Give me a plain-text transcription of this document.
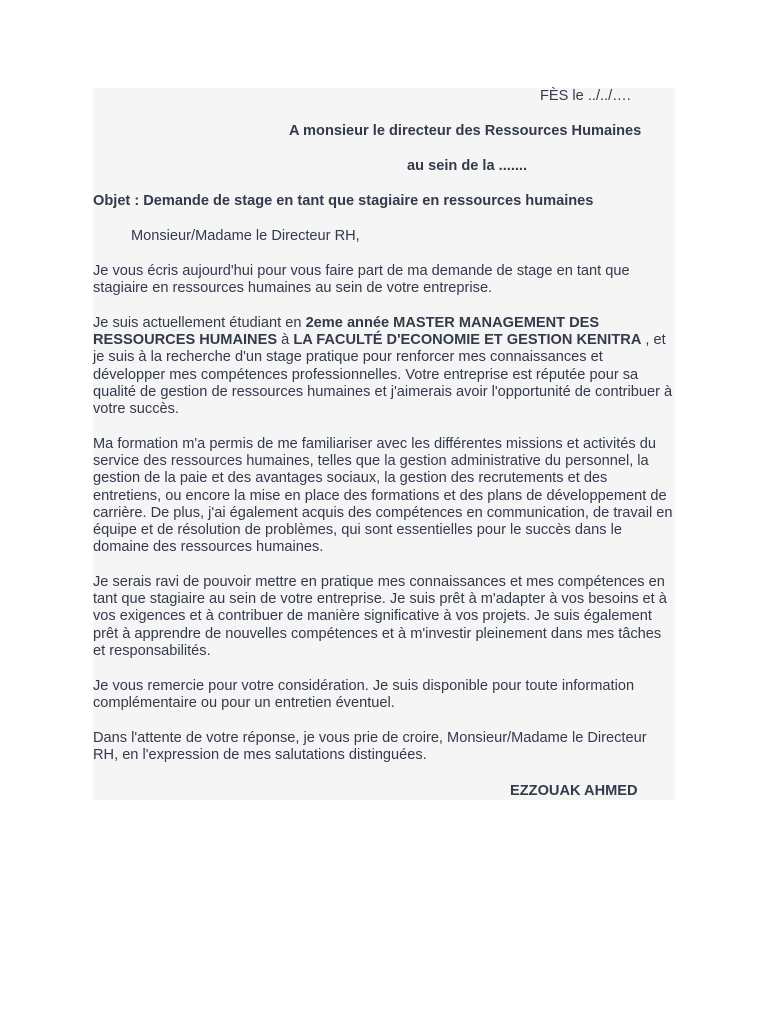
FÈS le ../../….
A monsieur le directeur des Ressources Humaines
au sein de la .......
Objet : Demande de stage en tant que stagiaire en ressources humaines
Monsieur/Madame le Directeur RH,
Je vous écris aujourd'hui pour vous faire part de ma demande de stage en tant que stagiaire en ressources humaines au sein de votre entreprise.
Je suis actuellement étudiant en 2eme année MASTER MANAGEMENT DES RESSOURCES HUMAINES à LA FACULTÉ D'ECONOMIE ET GESTION KENITRA , et je suis à la recherche d'un stage pratique pour renforcer mes connaissances et développer mes compétences professionnelles. Votre entreprise est réputée pour sa qualité de gestion de ressources humaines et j'aimerais avoir l'opportunité de contribuer à votre succès.
Ma formation m'a permis de me familiariser avec les différentes missions et activités du service des ressources humaines, telles que la gestion administrative du personnel, la gestion de la paie et des avantages sociaux, la gestion des recrutements et des entretiens, ou encore la mise en place des formations et des plans de développement de carrière. De plus, j'ai également acquis des compétences en communication, de travail en équipe et de résolution de problèmes, qui sont essentielles pour le succès dans le domaine des ressources humaines.
Je serais ravi de pouvoir mettre en pratique mes connaissances et mes compétences en tant que stagiaire au sein de votre entreprise. Je suis prêt à m'adapter à vos besoins et à vos exigences et à contribuer de manière significative à vos projets. Je suis également prêt à apprendre de nouvelles compétences et à m'investir pleinement dans mes tâches et responsabilités.
Je vous remercie pour votre considération. Je suis disponible pour toute information complémentaire ou pour un entretien éventuel.
Dans l'attente de votre réponse, je vous prie de croire, Monsieur/Madame le Directeur RH, en l'expression de mes salutations distinguées.
EZZOUAK AHMED
